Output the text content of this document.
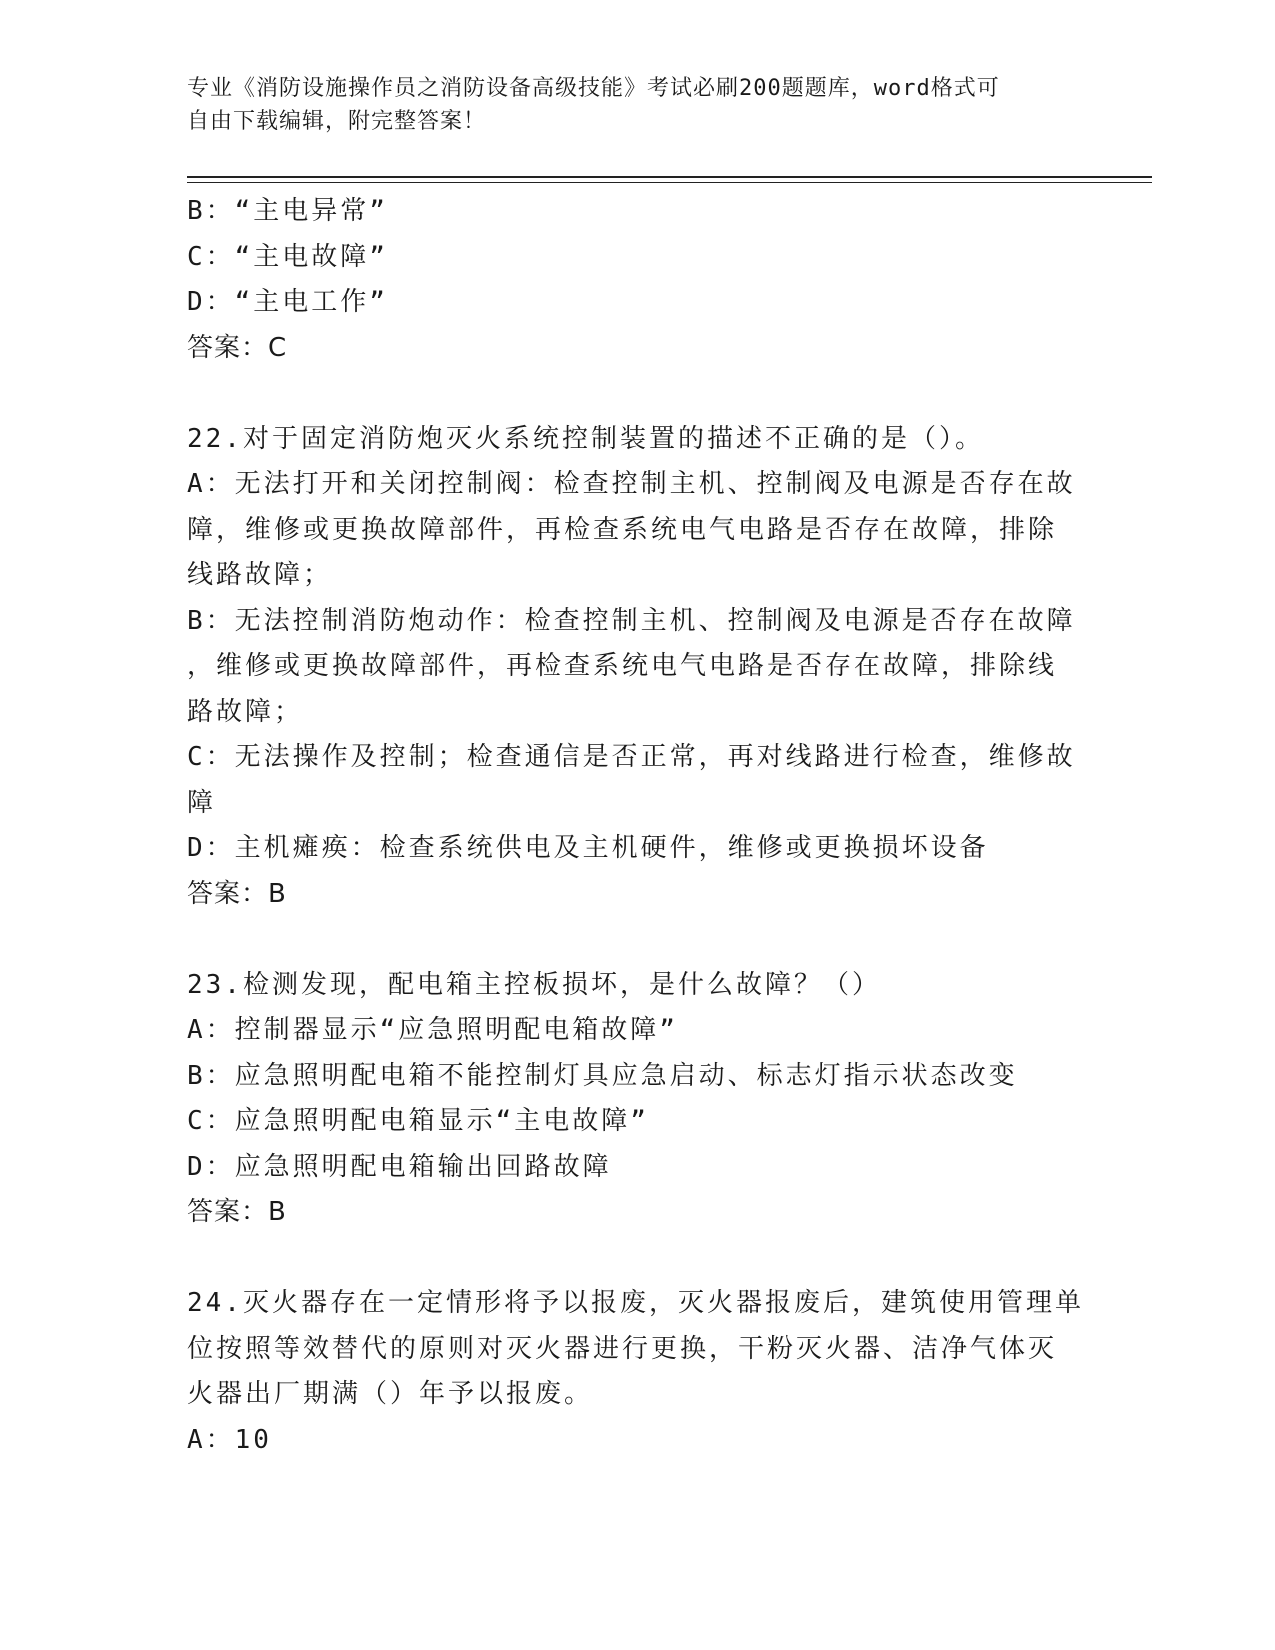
专业《消防设施操作员之消防设备高级技能》考试必刷200题题库，word格式可
自由下载编辑，附完整答案！
B：“主电异常”
C：“主电故障”
D：“主电工作”
答案：C
22.对于固定消防炮灭火系统控制装置的描述不正确的是（）。
A：无法打开和关闭控制阀：检查控制主机、控制阀及电源是否存在故
障，维修或更换故障部件，再检查系统电气电路是否存在故障，排除
线路故障；
B：无法控制消防炮动作：检查控制主机、控制阀及电源是否存在故障
，维修或更换故障部件，再检查系统电气电路是否存在故障，排除线
路故障；
C：无法操作及控制；检查通信是否正常，再对线路进行检查，维修故
障
D：主机瘫痪：检查系统供电及主机硬件，维修或更换损坏设备
答案：B
23.检测发现，配电箱主控板损坏，是什么故障？（）
A：控制器显示“应急照明配电箱故障”
B：应急照明配电箱不能控制灯具应急启动、标志灯指示状态改变
C：应急照明配电箱显示“主电故障”
D：应急照明配电箱输出回路故障
答案：B
24.灭火器存在一定情形将予以报废，灭火器报废后，建筑使用管理单
位按照等效替代的原则对灭火器进行更换，干粉灭火器、洁净气体灭
火器出厂期满（）年予以报废。
A：10
